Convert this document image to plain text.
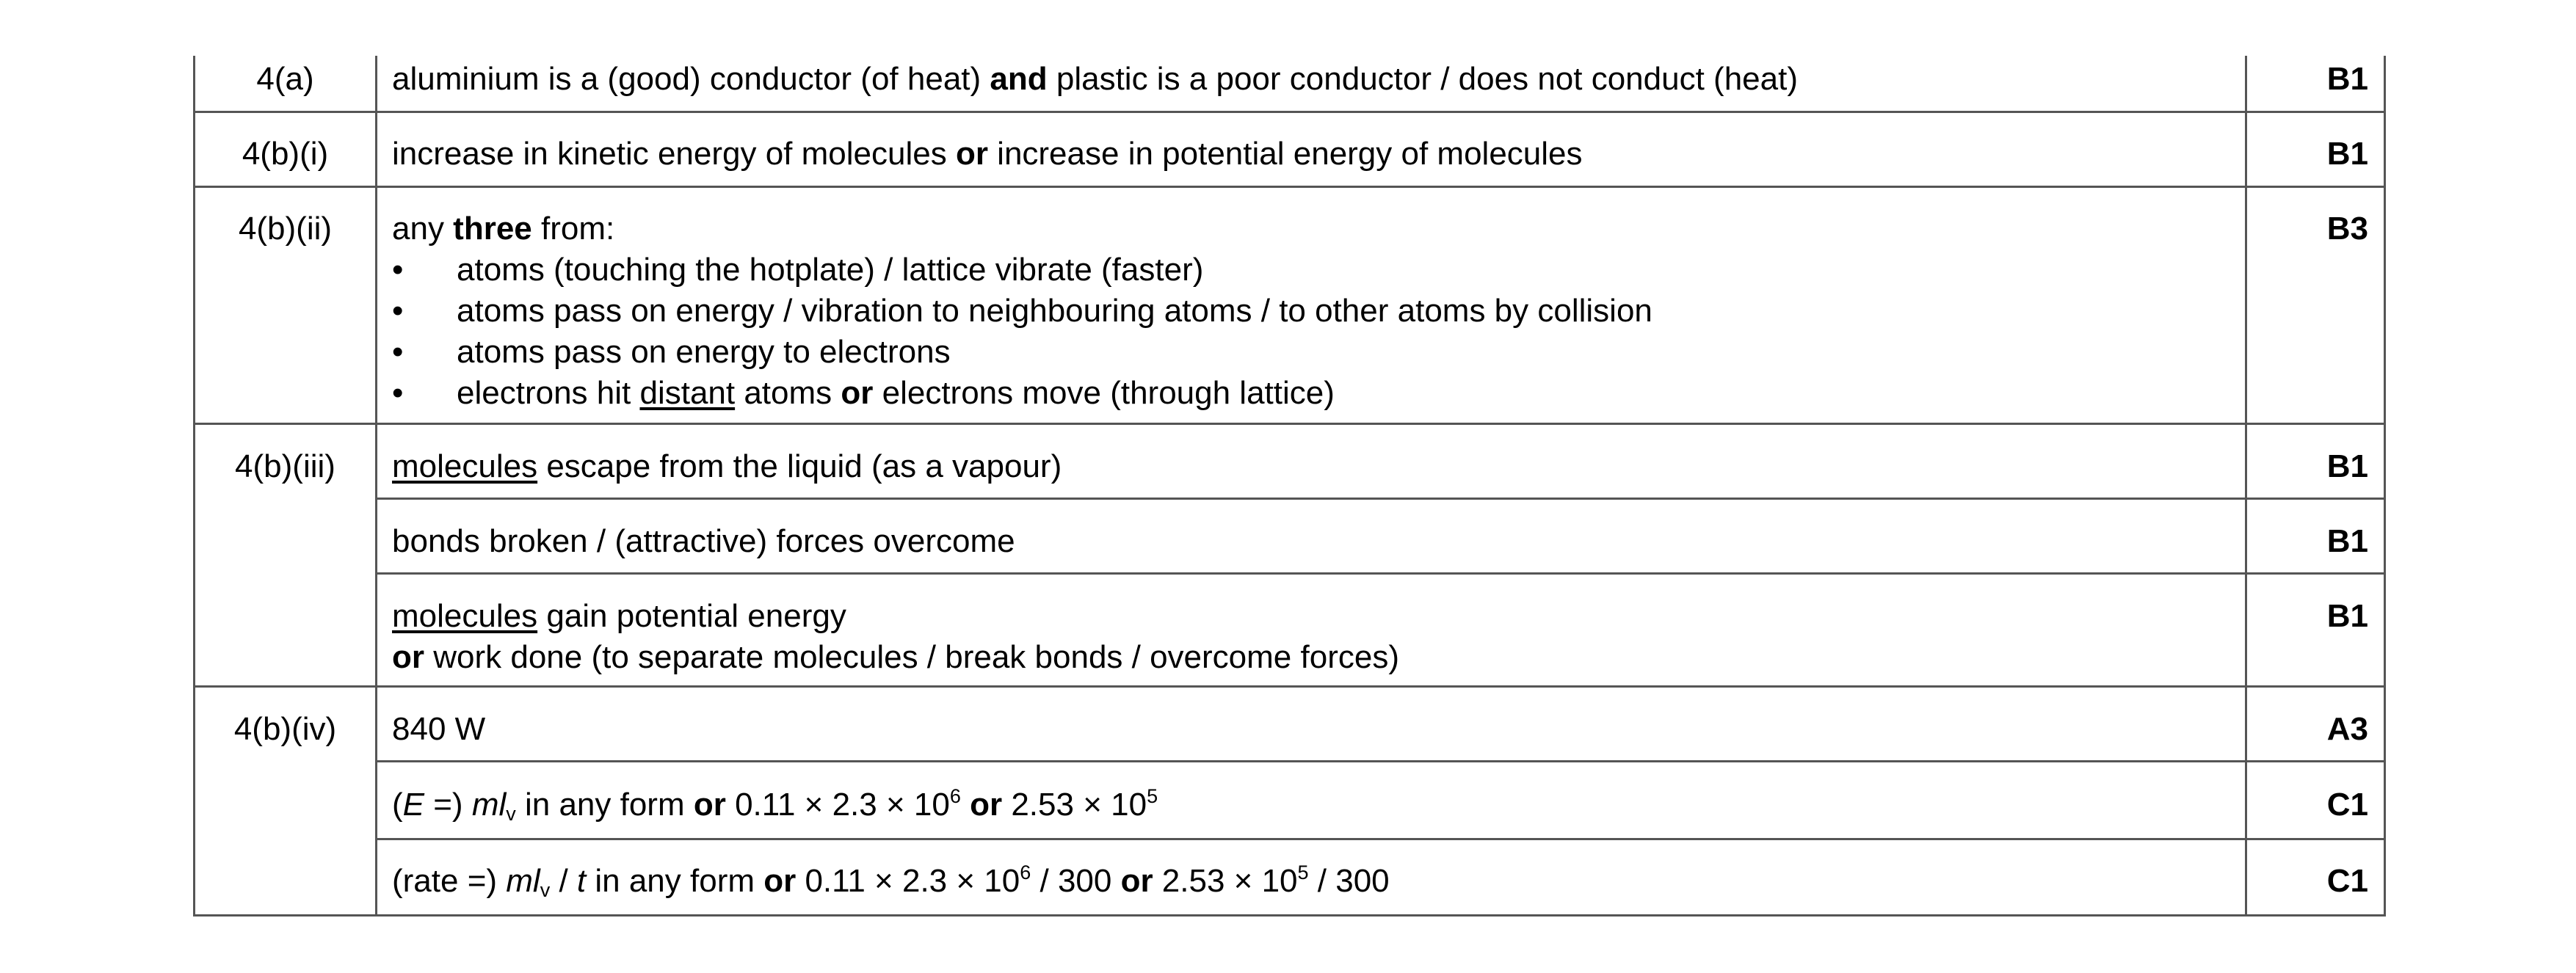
4(a)	aluminium is a (good) conductor (of heat) and plastic is a poor conductor / does not conduct (heat)	B1
4(b)(i)	increase in kinetic energy of molecules or increase in potential energy of molecules	B1
4(b)(ii)	any three from:
• atoms (touching the hotplate) / lattice vibrate (faster)
• atoms pass on energy / vibration to neighbouring atoms / to other atoms by collision
• atoms pass on energy to electrons
• electrons hit distant atoms or electrons move (through lattice)
B3
4(b)(iii)	molecules escape from the liquid (as a vapour)	B1
bonds broken / (attractive) forces overcome	B1
molecules gain potential energy
or work done (to separate molecules / break bonds / overcome forces)
B1
4(b)(iv)	840 W	A3
(E =) $ml_v$ in any form or $0.11 \times 2.3 \times 10^6$ or $2.53 \times 10^5$	C1
(rate =) $ml_v$ / t in any form or $0.11 \times 2.3 \times 10^6 / 300$ or $2.53 \times 10^5 / 300$	C1
